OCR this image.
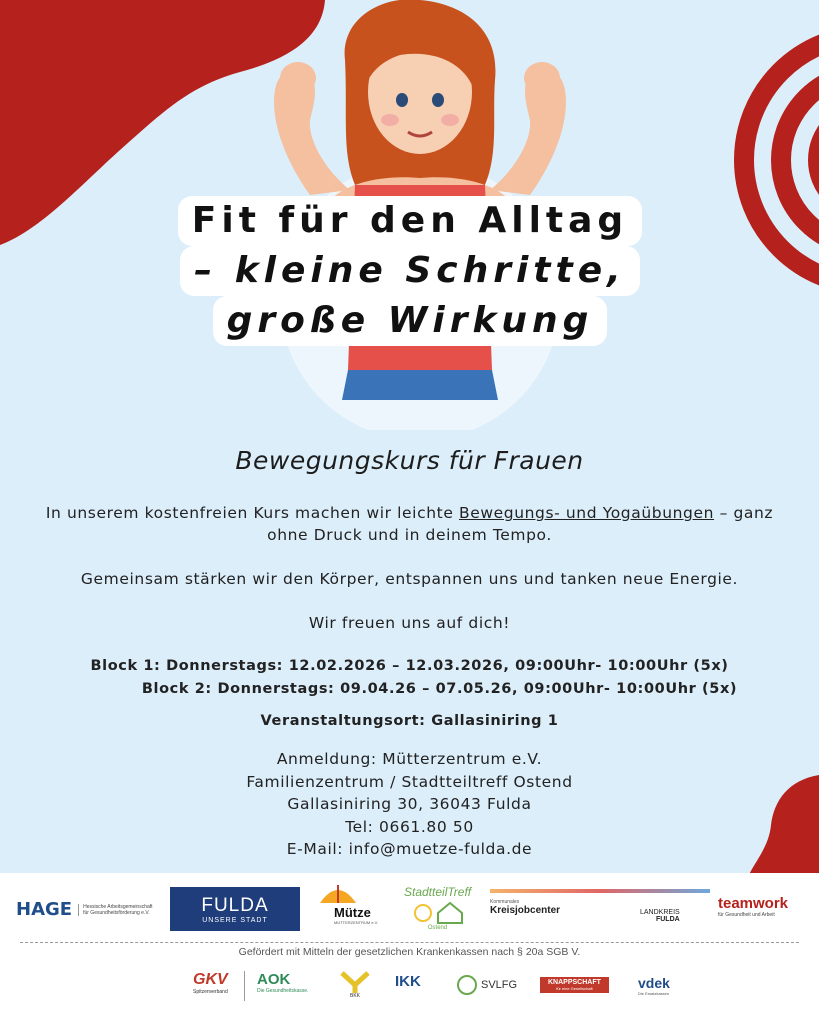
Fit für den Alltag
– kleine Schritte,
große Wirkung
Bewegungskurs für Frauen
In unserem kostenfreien Kurs machen wir leichte Bewegungs- und Yogaübungen – ganz
ohne Druck und in deinem Tempo.
Gemeinsam stärken wir den Körper, entspannen uns und tanken neue Energie.
Wir freuen uns auf dich!
Block 1: Donnerstags: 12.02.2026 – 12.03.2026, 09:00Uhr- 10:00Uhr (5x)
Block 2: Donnerstags: 09.04.26 – 07.05.26, 09:00Uhr- 10:00Uhr (5x)
Veranstaltungsort: Gallasiniring 1
Anmeldung: Mütterzentrum e.V.
Familienzentrum / Stadtteiltreff Ostend
Gallasiniring 30, 36043 Fulda
Tel: 0661.80 50
E-Mail: info@muetze-fulda.de
HAGE	Hessische Arbeitsgemeinschaft
für Gesundheitsförderung e.V.	FULDA
UNSERE STADT	Mütze
MÜTTERZENTRUM e.V.
StadtteilTreff
Ostend
Kommunales
Kreisjobcenter	LANDKREIS
FULDA
teamwork
für Gesundheit und Arbeit
Gefördert mit Mitteln der gesetzlichen Krankenkassen nach § 20a SGB V.
GKV
Spitzenverband
AOK
Die Gesundheitskasse.
BKK
IKK	SVLFG	KNAPPSCHAFT
für eine Gesellschaft	vdek
Die Ersatzkassen
